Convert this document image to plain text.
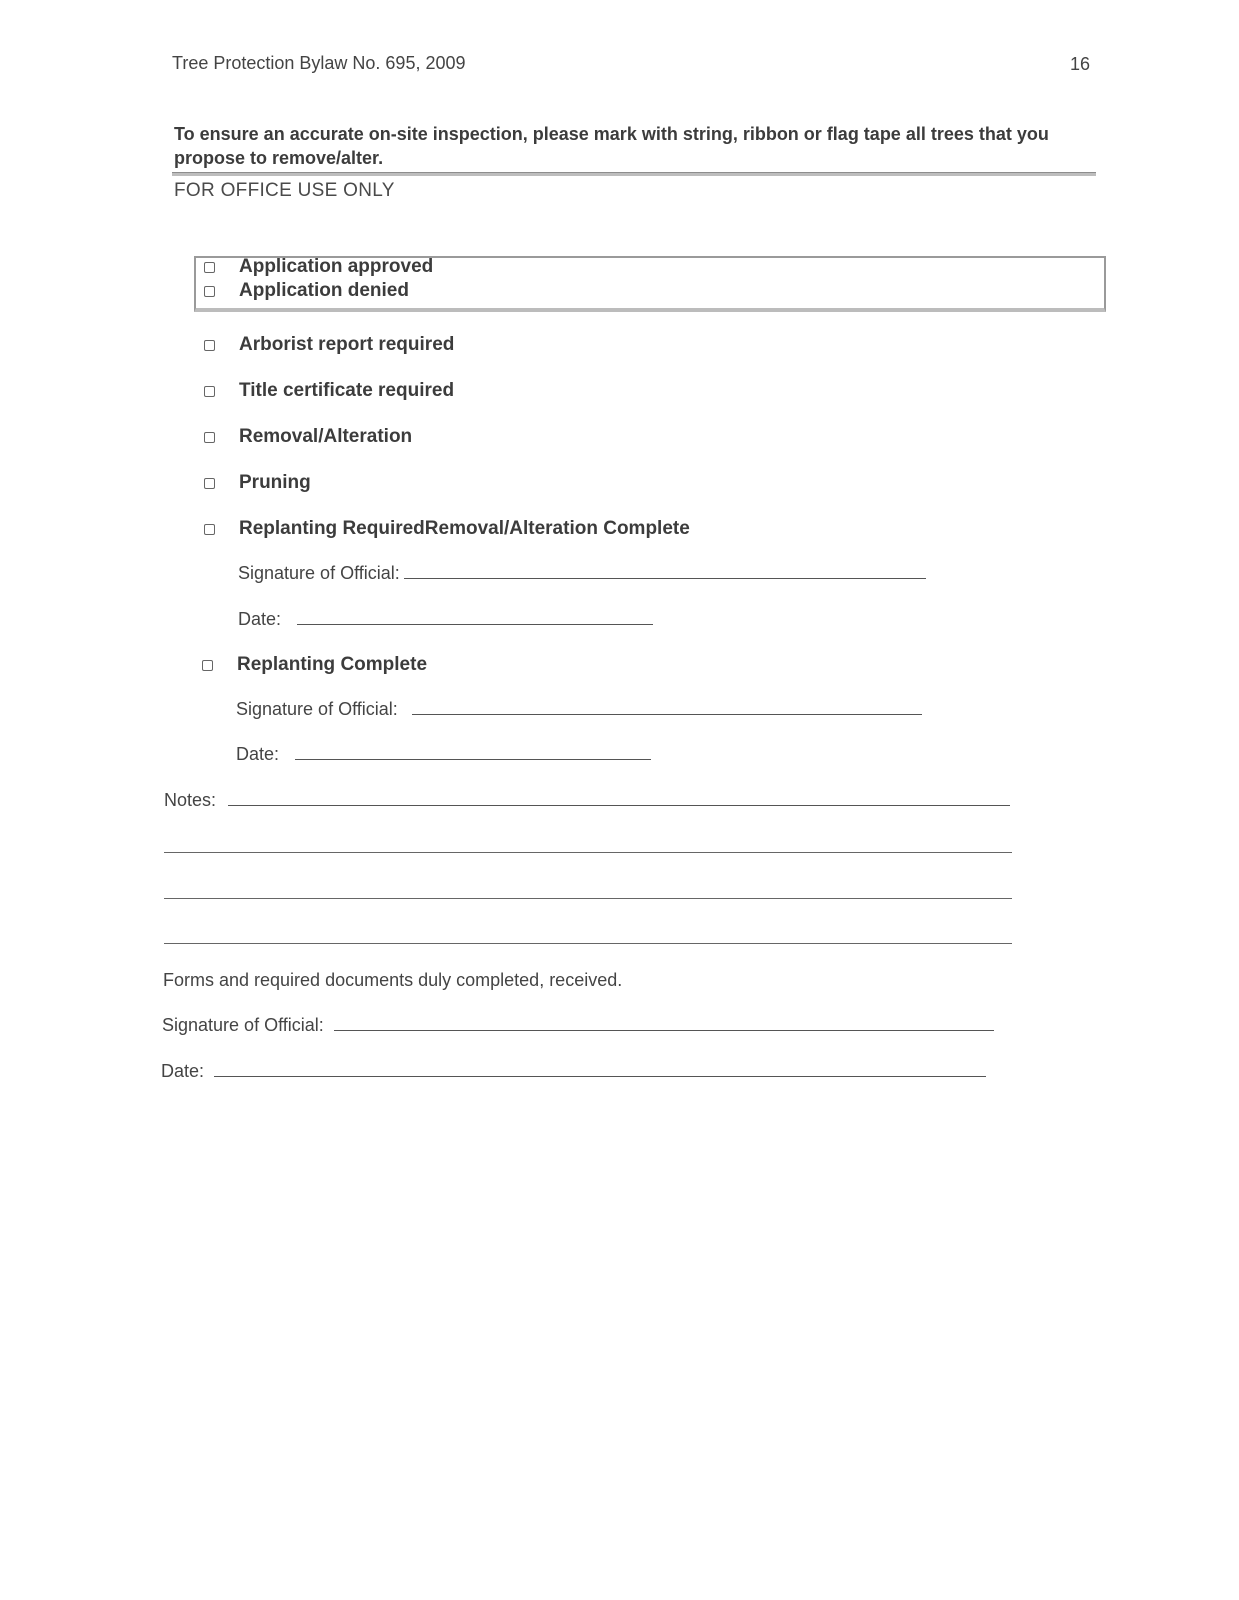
Tree Protection Bylaw No. 695, 2009	16
To ensure an accurate on-site inspection, please mark with string, ribbon or flag tape all trees that you propose to remove/alter.
FOR OFFICE USE ONLY
Application approved
Application denied
Arborist report required
Title certificate required
Removal/Alteration
Pruning
Replanting RequiredRemoval/Alteration Complete
Signature of Official:
Date:
Replanting Complete
Signature of Official:
Date:
Notes:
Forms and required documents duly completed, received.
Signature of Official:
Date:
